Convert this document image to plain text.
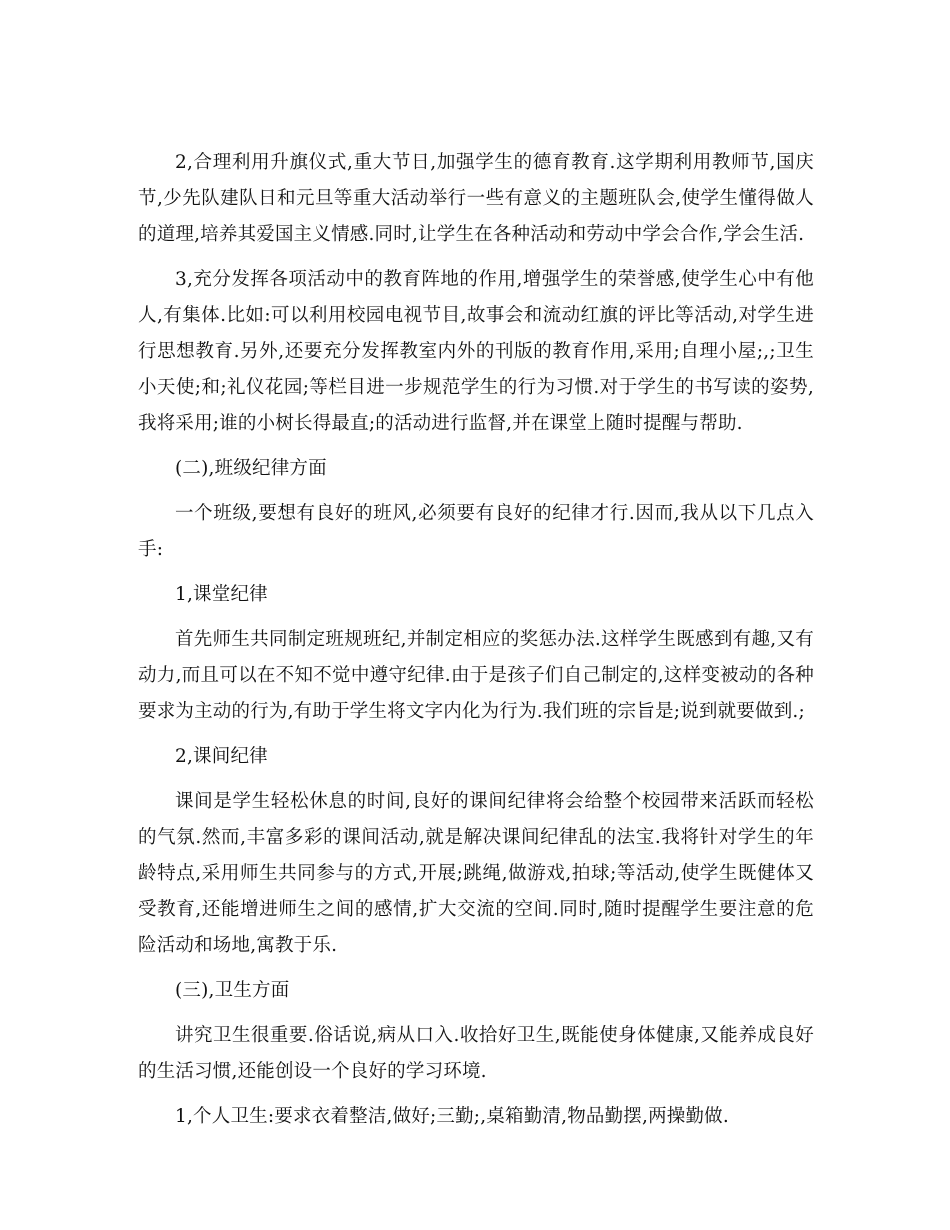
2,合理利用升旗仪式,重大节日,加强学生的德育教育.这学期利用教师节,国庆节,少先队建队日和元旦等重大活动举行一些有意义的主题班队会,使学生懂得做人的道理,培养其爱国主义情感.同时,让学生在各种活动和劳动中学会合作,学会生活.

3,充分发挥各项活动中的教育阵地的作用,增强学生的荣誉感,使学生心中有他人,有集体.比如:可以利用校园电视节目,故事会和流动红旗的评比等活动,对学生进行思想教育.另外,还要充分发挥教室内外的刊版的教育作用,采用;自理小屋;,;卫生小天使;和;礼仪花园;等栏目进一步规范学生的行为习惯.对于学生的书写读的姿势,我将采用;谁的小树长得最直;的活动进行监督,并在课堂上随时提醒与帮助.

(二),班级纪律方面

一个班级,要想有良好的班风,必须要有良好的纪律才行.因而,我从以下几点入手:

1,课堂纪律

首先师生共同制定班规班纪,并制定相应的奖惩办法.这样学生既感到有趣,又有动力,而且可以在不知不觉中遵守纪律.由于是孩子们自己制定的,这样变被动的各种要求为主动的行为,有助于学生将文字内化为行为.我们班的宗旨是;说到就要做到.;

2,课间纪律

课间是学生轻松休息的时间,良好的课间纪律将会给整个校园带来活跃而轻松的气氛.然而,丰富多彩的课间活动,就是解决课间纪律乱的法宝.我将针对学生的年龄特点,采用师生共同参与的方式,开展;跳绳,做游戏,拍球;等活动,使学生既健体又受教育,还能增进师生之间的感情,扩大交流的空间.同时,随时提醒学生要注意的危险活动和场地,寓教于乐.

(三),卫生方面

讲究卫生很重要.俗话说,病从口入.收拾好卫生,既能使身体健康,又能养成良好的生活习惯,还能创设一个良好的学习环境.

1,个人卫生:要求衣着整洁,做好;三勤;,桌箱勤清,物品勤摆,两操勤做.
